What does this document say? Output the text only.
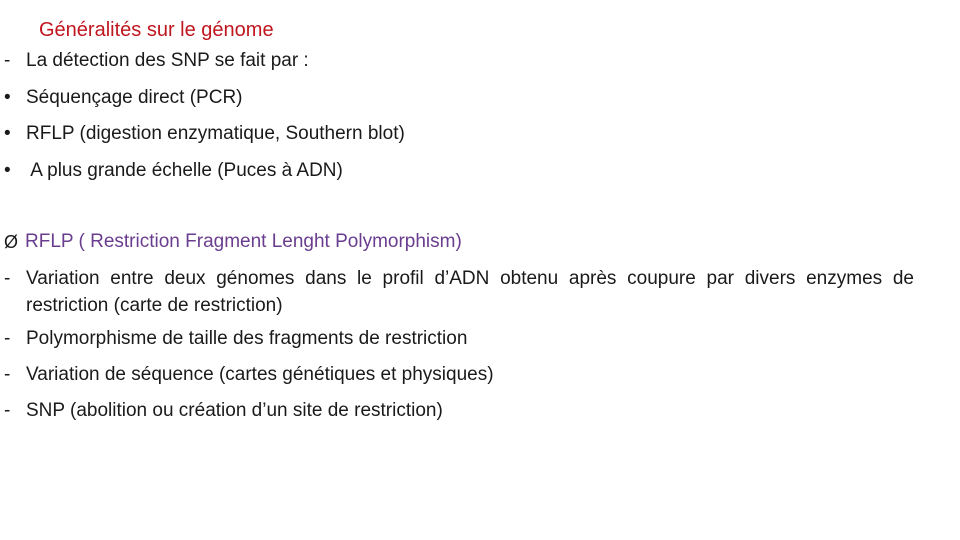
Généralités sur le génome
- La détection des SNP se fait par :
• Séquençage direct (PCR)
• RFLP (digestion enzymatique, Southern blot)
• A plus grande échelle (Puces à ADN)
Ø RFLP ( Restriction Fragment Lenght Polymorphism)
- Variation entre deux génomes dans le profil d’ADN obtenu après coupure par divers enzymes de restriction (carte de restriction)
- Polymorphisme de taille des fragments de restriction
- Variation de séquence (cartes génétiques et physiques)
- SNP (abolition ou création d’un site de restriction)
